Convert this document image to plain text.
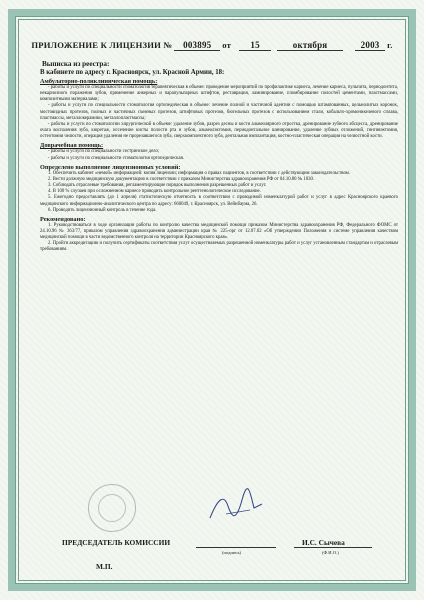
ПРИЛОЖЕНИЕ К ЛИЦЕНЗИИ №	003895	от	15	октября	2003 г.
Выписка из реестра:
В кабинете по адресу г. Красноярск, ул. Красной Армии, 18:
Амбулаторно-поликлиническая помощь:

- работы и услуги по специальности стоматология терапевтическая в объеме: проведение мероприятий по профилактике кариеса, лечение кариеса, пульпита, периодонтита, некариозного поражения зубов, применение анкерных и парапульпарных штифтов, реставрация, ламинирование, пломбирование полостей цементами, пластмассами, композитными материалами;

- работы и услуги по специальности стоматология ортопедическая в объеме: лечение полной и частичной адентии с помощью штампованных, цельнолитых коронок, мостовидных протезов, полных и частичных съемных протезов, штифтовых протезов, бюгельных протезов с использованием стали, кобальто-хромоникелевого сплава, пластмассы, металлокерамики, металлопластмассы;

- работы и услуги по стоматологии хирургической в объеме: удаление зубов, разрез десны и кости альвеолярного отростка, дренирование зубного абсцесса, дренирование очага воспаления зуба, кюретаж, иссечение кисты полости рта и зубов, альвеолэктомия, периодонтальное шинирование, удаление зубных отложений, гингивэктомия, остеотомия челюсти, операция удаления не прорезавшегося зуба, сверхкомплектного зуба, дентальная имплантация, костно-пластическая операция на челюстной кости.

Доврачебная помощь:

- работы и услуги по специальности сестринское дело;

- работы и услуги по специальности стоматология ортопедическая.

Определено выполнение лицензионных условий:

1. Обеспечить кабинет «немой» информацией: копия лицензии; информация о правах пациентов, в соответствии с действующим законодательством.

2. Вести должную медицинскую документацию в соответствии с приказом Министерства здравоохранения РФ от 04.10.80 № 1030.

3. Соблюдать отраслевые требования, регламентирующие порядок выполнения разрешенных работ и услуг.

4. В 100 % случаев при осложненном кариесе проводить контрольное рентгенологическое исследование.

5. Ежегодно предоставлять (до 1 апреля) статистическую отчетность в соответствии с проводимой номенклатурой работ и услуг в адрес Красноярского краевого медицинского информационно-аналитического центра по адресу: 660049, г. Красноярск, ул. Вейнбаума, 26.

6. Проводить лицензионный контроль в течение года.

Рекомендовано:

1. Руководствоваться в ходе организации работы по контролю качества медицинской помощи приказом Министерства здравоохранения РФ, Федерального ФОМС от 24.10.96 № 363/77, приказом управления здравоохранения администрации края № 225-орг от 12.07.02 «Об утверждении Положения о системе управления качеством медицинской помощи в части ведомственного контроля на территории Красноярского края».

2. Пройти аккредитацию и получить сертификаты соответствия услуг осуществляемых разрешенной номенклатуры работ и услуг установленным стандартам и отраслевым требованиям.

ПРЕДСЕДАТЕЛЬ КОМИССИИ
(подпись)
И.С. Сычева
(Ф.И.О.)
М.П.
